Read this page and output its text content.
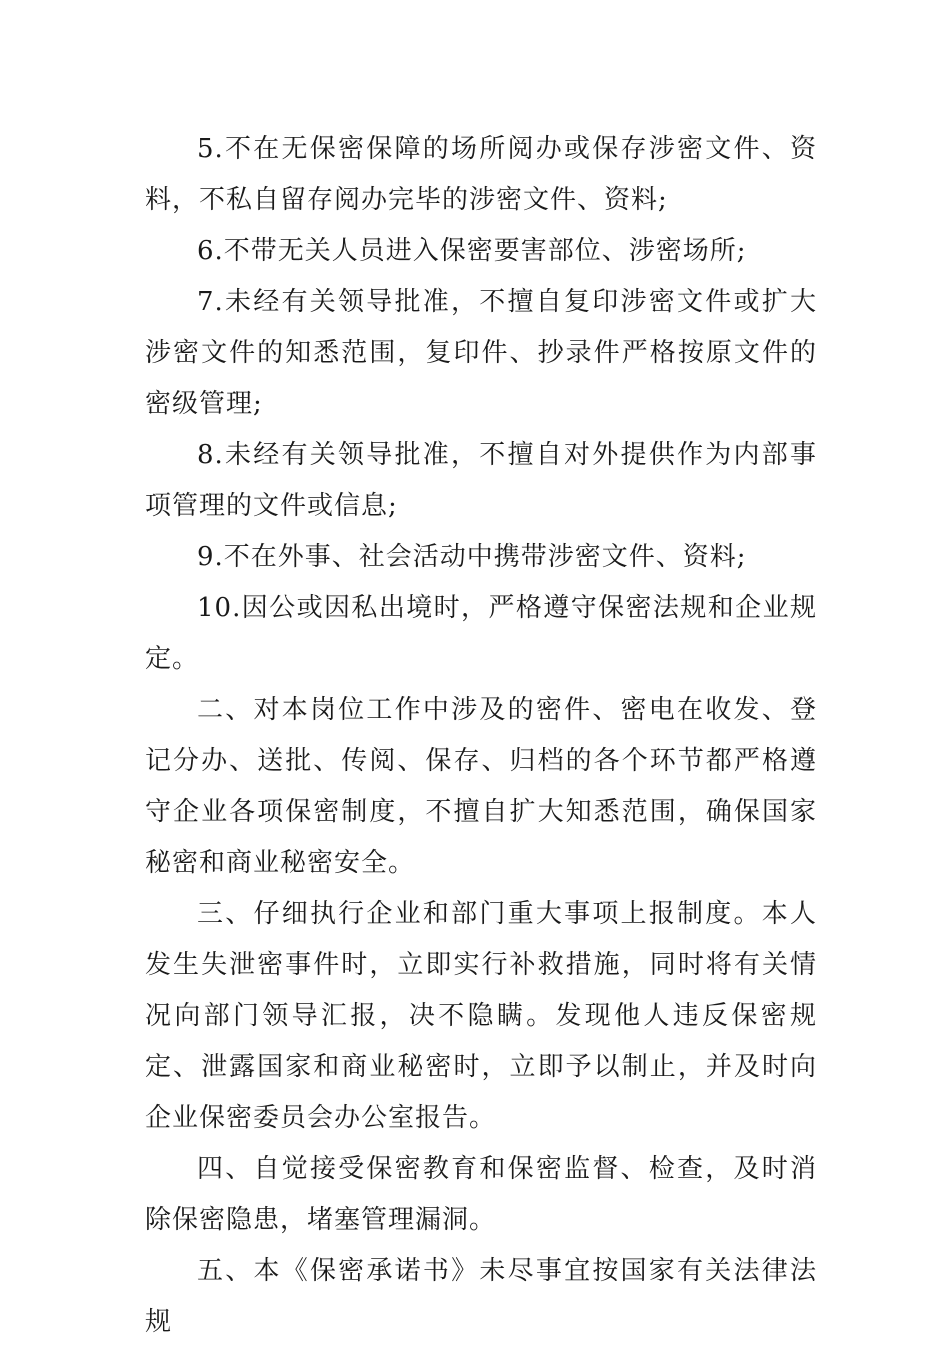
5.不在无保密保障的场所阅办或保存涉密文件、资料，不私自留存阅办完毕的涉密文件、资料;

6.不带无关人员进入保密要害部位、涉密场所;

7.未经有关领导批准，不擅自复印涉密文件或扩大涉密文件的知悉范围，复印件、抄录件严格按原文件的密级管理;

8.未经有关领导批准，不擅自对外提供作为内部事项管理的文件或信息;

9.不在外事、社会活动中携带涉密文件、资料;

10.因公或因私出境时，严格遵守保密法规和企业规定。

二、对本岗位工作中涉及的密件、密电在收发、登记分办、送批、传阅、保存、归档的各个环节都严格遵守企业各项保密制度，不擅自扩大知悉范围，确保国家秘密和商业秘密安全。

三、仔细执行企业和部门重大事项上报制度。本人发生失泄密事件时，立即实行补救措施，同时将有关情况向部门领导汇报，决不隐瞒。发现他人违反保密规定、泄露国家和商业秘密时，立即予以制止，并及时向企业保密委员会办公室报告。

四、自觉接受保密教育和保密监督、检查，及时消除保密隐患，堵塞管理漏洞。

五、本《保密承诺书》未尽事宜按国家有关法律法规
